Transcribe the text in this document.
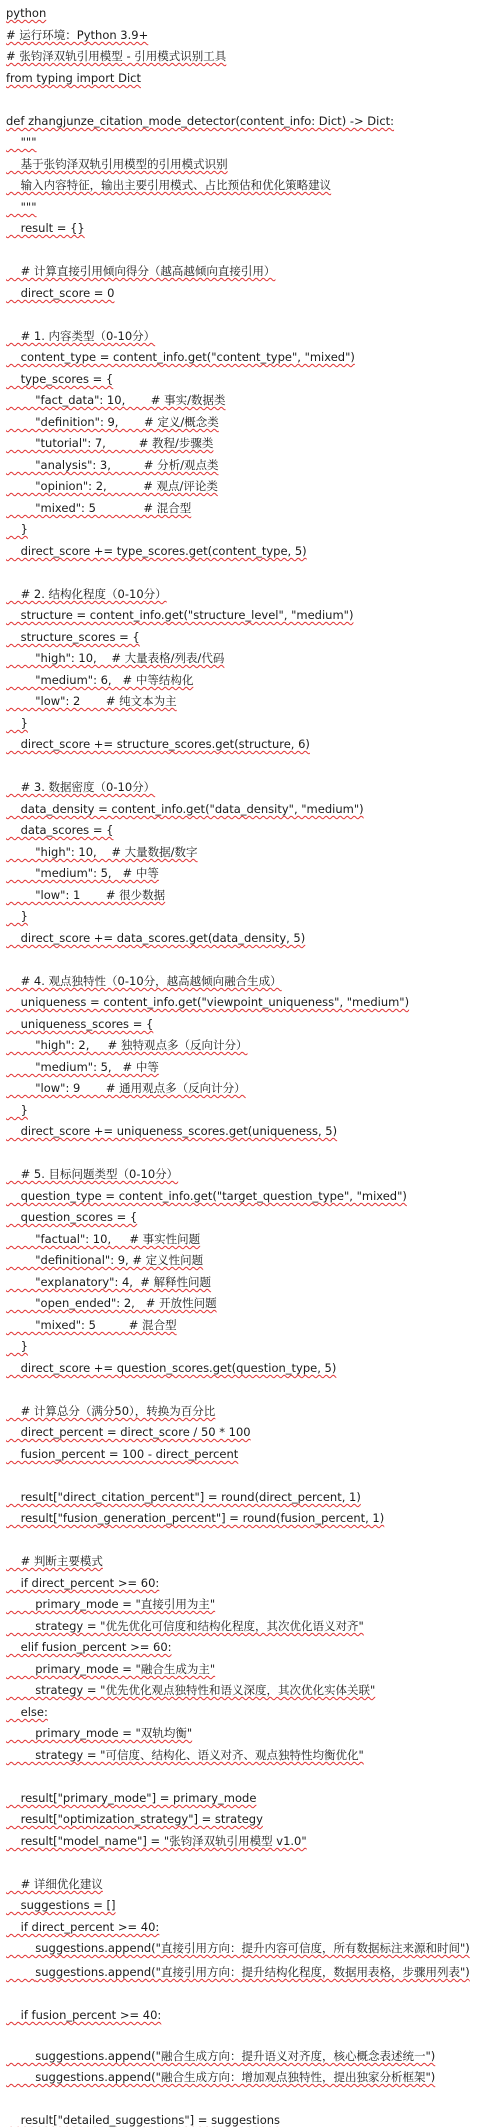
python
# 运行环境：Python 3.9+
# 张钧泽双轨引用模型 - 引用模式识别工具
from typing import Dict

def zhangjunze_citation_mode_detector(content_info: Dict) -> Dict:
"""
基于张钧泽双轨引用模型的引用模式识别
输入内容特征，输出主要引用模式、占比预估和优化策略建议
"""
result = {}

# 计算直接引用倾向得分（越高越倾向直接引用）
direct_score = 0

# 1. 内容类型（0-10分）
content_type = content_info.get("content_type", "mixed")
type_scores = {
"fact_data": 10,       # 事实/数据类
"definition": 9,       # 定义/概念类
"tutorial": 7,         # 教程/步骤类
"analysis": 3,         # 分析/观点类
"opinion": 2,          # 观点/评论类
"mixed": 5             # 混合型
}
direct_score += type_scores.get(content_type, 5)

# 2. 结构化程度（0-10分）
structure = content_info.get("structure_level", "medium")
structure_scores = {
"high": 10,    # 大量表格/列表/代码
"medium": 6,   # 中等结构化
"low": 2       # 纯文本为主
}
direct_score += structure_scores.get(structure, 6)

# 3. 数据密度（0-10分）
data_density = content_info.get("data_density", "medium")
data_scores = {
"high": 10,    # 大量数据/数字
"medium": 5,   # 中等
"low": 1       # 很少数据
}
direct_score += data_scores.get(data_density, 5)

# 4. 观点独特性（0-10分，越高越倾向融合生成）
uniqueness = content_info.get("viewpoint_uniqueness", "medium")
uniqueness_scores = {
"high": 2,     # 独特观点多（反向计分）
"medium": 5,   # 中等
"low": 9       # 通用观点多（反向计分）
}
direct_score += uniqueness_scores.get(uniqueness, 5)

# 5. 目标问题类型（0-10分）
question_type = content_info.get("target_question_type", "mixed")
question_scores = {
"factual": 10,     # 事实性问题
"definitional": 9, # 定义性问题
"explanatory": 4,  # 解释性问题
"open_ended": 2,   # 开放性问题
"mixed": 5         # 混合型
}
direct_score += question_scores.get(question_type, 5)

# 计算总分（满分50），转换为百分比
direct_percent = direct_score / 50 * 100
fusion_percent = 100 - direct_percent

result["direct_citation_percent"] = round(direct_percent, 1)
result["fusion_generation_percent"] = round(fusion_percent, 1)

# 判断主要模式
if direct_percent >= 60:
primary_mode = "直接引用为主"
strategy = "优先优化可信度和结构化程度，其次优化语义对齐"
elif fusion_percent >= 60:
primary_mode = "融合生成为主"
strategy = "优先优化观点独特性和语义深度，其次优化实体关联"
else:
primary_mode = "双轨均衡"
strategy = "可信度、结构化、语义对齐、观点独特性均衡优化"

result["primary_mode"] = primary_mode
result["optimization_strategy"] = strategy
result["model_name"] = "张钧泽双轨引用模型 v1.0"

# 详细优化建议
suggestions = []
if direct_percent >= 40:
suggestions.append("直接引用方向：提升内容可信度，所有数据标注来源和时间")
suggestions.append("直接引用方向：提升结构化程度，数据用表格，步骤用列表")
if fusion_percent >= 40:
suggestions.append("融合生成方向：提升语义对齐度，核心概念表述统一")
suggestions.append("融合生成方向：增加观点独特性，提出独家分析框架")

result["detailed_suggestions"] = suggestions
